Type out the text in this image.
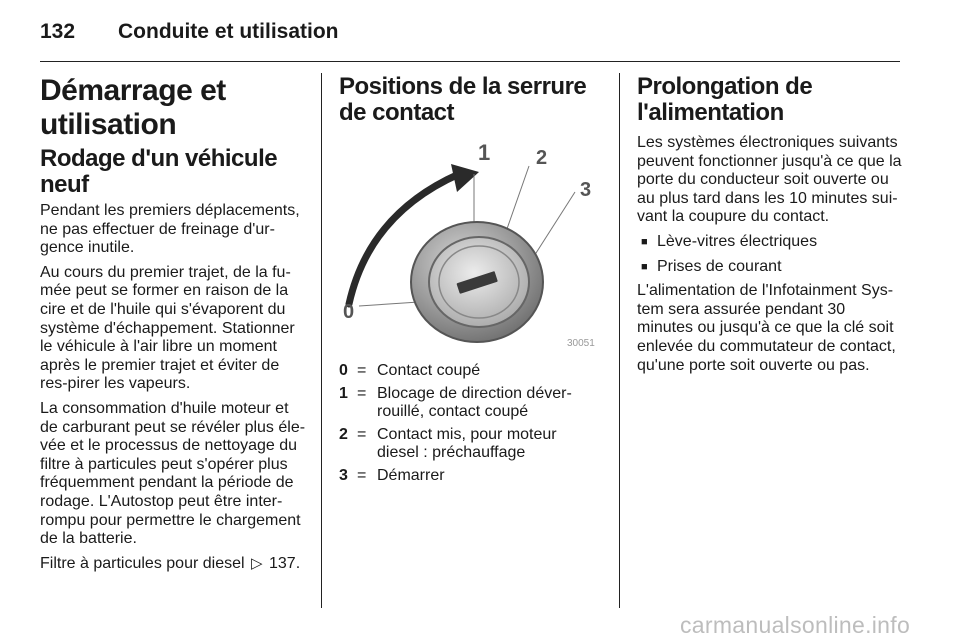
132 Conduite et utilisation
Démarrage et utilisation
Rodage d'un véhicule neuf

Pendant les premiers déplacements, ne pas effectuer de freinage d'ur-gence inutile.

Au cours du premier trajet, de la fu-mée peut se former en raison de la cire et de l'huile qui s'évaporent du système d'échappement. Stationner le véhicule à l'air libre un moment après le premier trajet et éviter de res-pirer les vapeurs.

La consommation d'huile moteur et de carburant peut se révéler plus éle-vée et le processus de nettoyage du filtre à particules peut s'opérer plus fréquemment pendant la période de rodage. L'Autostop peut être inter-rompu pour permettre le chargement de la batterie.

Filtre à particules pour diesel ▷ 137.

Positions de la serrure de contact
1 2
3
0
30051
0 = Contact coupé
1 = Blocage de direction déver-rouillé, contact coupé
2 = Contact mis, pour moteur diesel : préchauffage
3 = Démarrer
Prolongation de l'alimentation

Les systèmes électroniques suivants peuvent fonctionner jusqu'à ce que la porte du conducteur soit ouverte ou au plus tard dans les 10 minutes sui-vant la coupure du contact.

■ Lève-vitres électriques
■ Prises de courant

L'alimentation de l'Infotainment Sys-tem sera assurée pendant 30 minutes ou jusqu'à ce que la clé soit enlevée du commutateur de contact, qu'une porte soit ouverte ou pas.

carmanualsonline.info
